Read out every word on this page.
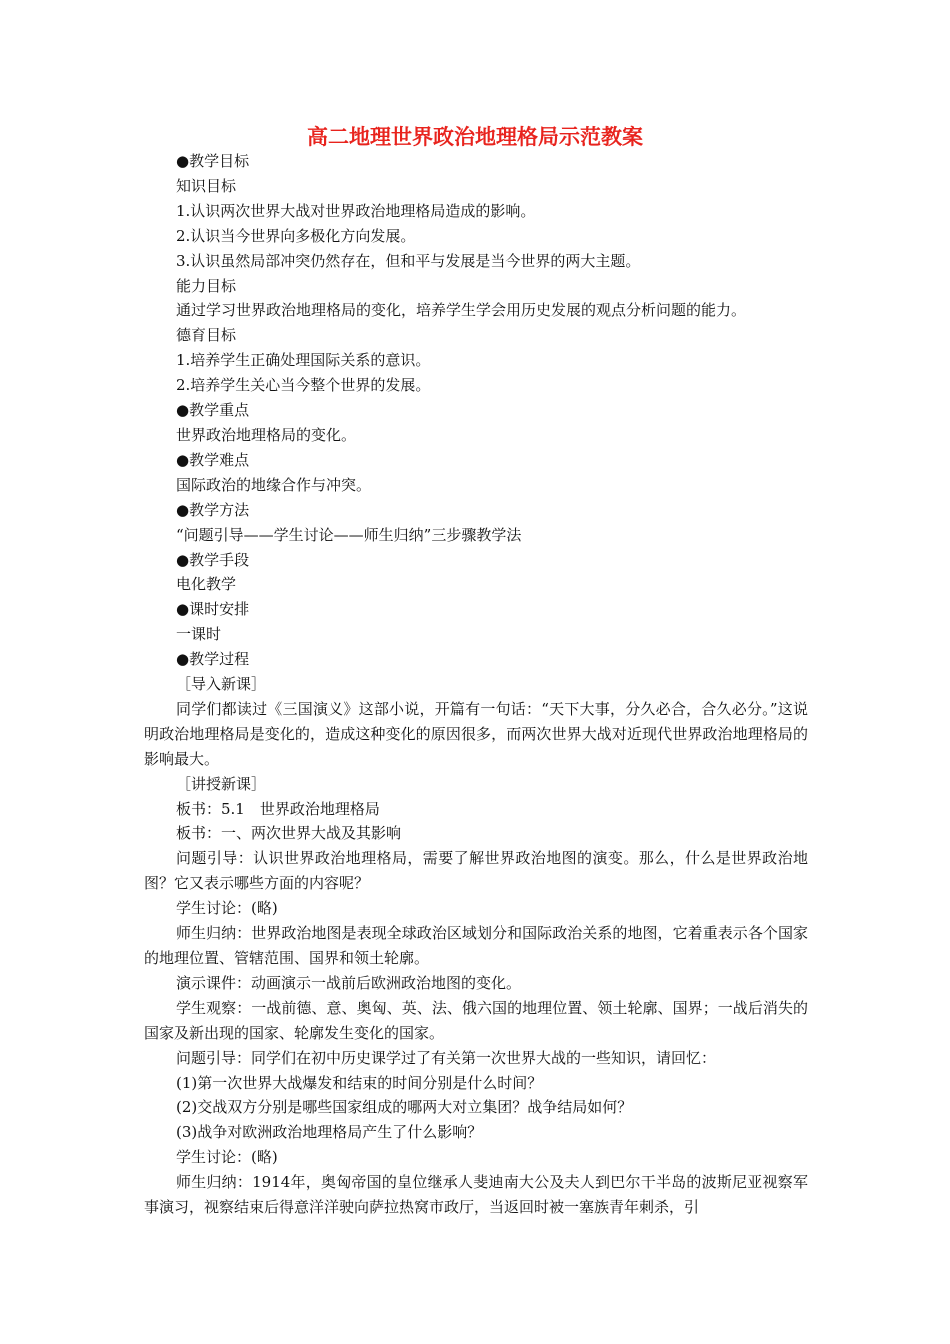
高二地理世界政治地理格局示范教案
●教学目标
知识目标
1.认识两次世界大战对世界政治地理格局造成的影响。
2.认识当今世界向多极化方向发展。
3.认识虽然局部冲突仍然存在，但和平与发展是当今世界的两大主题。
能力目标
通过学习世界政治地理格局的变化，培养学生学会用历史发展的观点分析问题的能力。
德育目标
1.培养学生正确处理国际关系的意识。
2.培养学生关心当今整个世界的发展。
●教学重点
世界政治地理格局的变化。
●教学难点
国际政治的地缘合作与冲突。
●教学方法
“问题引导——学生讨论——师生归纳”三步骤教学法
●教学手段
电化教学
●课时安排
一课时
●教学过程
［导入新课］
同学们都读过《三国演义》这部小说，开篇有一句话：“天下大事，分久必合，合久必分。”这说明政治地理格局是变化的，造成这种变化的原因很多，而两次世界大战对近现代世界政治地理格局的影响最大。
［讲授新课］
板书：5.1　世界政治地理格局
板书：一、两次世界大战及其影响
问题引导：认识世界政治地理格局，需要了解世界政治地图的演变。那么，什么是世界政治地图？它又表示哪些方面的内容呢？
学生讨论：(略)
师生归纳：世界政治地图是表现全球政治区域划分和国际政治关系的地图，它着重表示各个国家的地理位置、管辖范围、国界和领土轮廓。
演示课件：动画演示一战前后欧洲政治地图的变化。
学生观察：一战前德、意、奥匈、英、法、俄六国的地理位置、领土轮廓、国界；一战后消失的国家及新出现的国家、轮廓发生变化的国家。
问题引导：同学们在初中历史课学过了有关第一次世界大战的一些知识，请回忆：
(1)第一次世界大战爆发和结束的时间分别是什么时间？
(2)交战双方分别是哪些国家组成的哪两大对立集团？战争结局如何？
(3)战争对欧洲政治地理格局产生了什么影响？
学生讨论：(略)
师生归纳：1914年，奥匈帝国的皇位继承人斐迪南大公及夫人到巴尔干半岛的波斯尼亚视察军事演习，视察结束后得意洋洋驶向萨拉热窝市政厅，当返回时被一塞族青年刺杀，引
